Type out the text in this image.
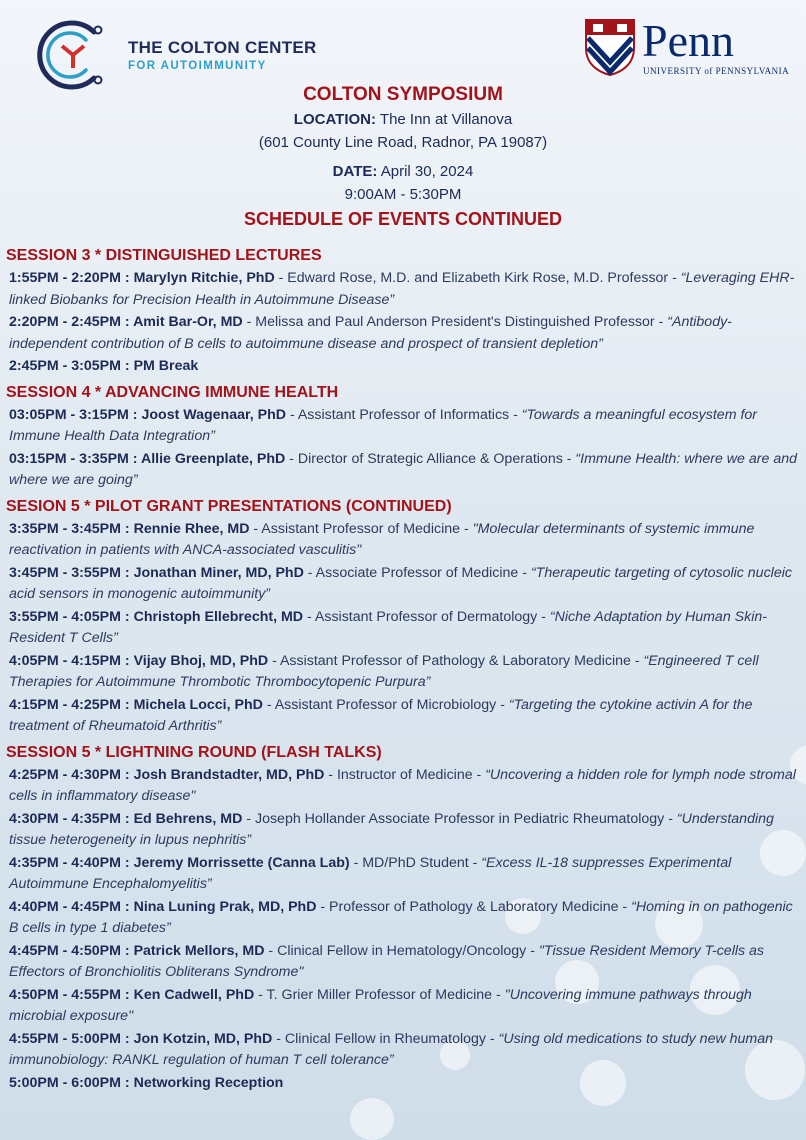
THE COLTON CENTER
FOR AUTOIMMUNITY	Penn
UNIVERSITY of PENNSYLVANIA
COLTON SYMPOSIUM
LOCATION: The Inn at Villanova
(601 County Line Road, Radnor, PA 19087)
DATE: April 30, 2024
9:00AM - 5:30PM
SCHEDULE OF EVENTS CONTINUED
SESSION 3 * DISTINGUISHED LECTURES
1:55PM - 2:20PM : Marylyn Ritchie, PhD - Edward Rose, M.D. and Elizabeth Kirk Rose, M.D. Professor - “Leveraging EHR-linked Biobanks for Precision Health in Autoimmune Disease”
2:20PM - 2:45PM : Amit Bar-Or, MD - Melissa and Paul Anderson President's Distinguished Professor - “Antibody-independent contribution of B cells to autoimmune disease and prospect of transient depletion”
2:45PM - 3:05PM : PM Break
SESSION 4 * ADVANCING IMMUNE HEALTH
03:05PM - 3:15PM : Joost Wagenaar, PhD - Assistant Professor of Informatics - “Towards a meaningful ecosystem for Immune Health Data Integration”
03:15PM - 3:35PM : Allie Greenplate, PhD - Director of Strategic Alliance & Operations - “Immune Health: where we are and where we are going”
SESION 5 * PILOT GRANT PRESENTATIONS (CONTINUED)
3:35PM - 3:45PM : Rennie Rhee, MD - Assistant Professor of Medicine - "Molecular determinants of systemic immune reactivation in patients with ANCA-associated vasculitis"
3:45PM - 3:55PM : Jonathan Miner, MD, PhD - Associate Professor of Medicine - “Therapeutic targeting of cytosolic nucleic acid sensors in monogenic autoimmunity”
3:55PM - 4:05PM : Christoph Ellebrecht, MD - Assistant Professor of Dermatology - “Niche Adaptation by Human Skin-Resident T Cells”
4:05PM - 4:15PM : Vijay Bhoj, MD, PhD - Assistant Professor of Pathology & Laboratory Medicine - “Engineered T cell Therapies for Autoimmune Thrombotic Thrombocytopenic Purpura”
4:15PM - 4:25PM : Michela Locci, PhD - Assistant Professor of Microbiology - “Targeting the cytokine activin A for the treatment of Rheumatoid Arthritis”
SESSION 5 * LIGHTNING ROUND (FLASH TALKS)
4:25PM - 4:30PM : Josh Brandstadter, MD, PhD - Instructor of Medicine - “Uncovering a hidden role for lymph node stromal cells in inflammatory disease"
4:30PM - 4:35PM : Ed Behrens, MD - Joseph Hollander Associate Professor in Pediatric Rheumatology - “Understanding tissue heterogeneity in lupus nephritis”
4:35PM - 4:40PM : Jeremy Morrissette (Canna Lab) - MD/PhD Student - “Excess IL-18 suppresses Experimental Autoimmune Encephalomyelitis”
4:40PM - 4:45PM : Nina Luning Prak, MD, PhD - Professor of Pathology & Laboratory Medicine - “Homing in on pathogenic B cells in type 1 diabetes”
4:45PM - 4:50PM : Patrick Mellors, MD - Clinical Fellow in Hematology/Oncology - "Tissue Resident Memory T-cells as Effectors of Bronchiolitis Obliterans Syndrome"
4:50PM - 4:55PM : Ken Cadwell, PhD - T. Grier Miller Professor of Medicine - "Uncovering immune pathways through microbial exposure"
4:55PM - 5:00PM : Jon Kotzin, MD, PhD - Clinical Fellow in Rheumatology - “Using old medications to study new human immunobiology: RANKL regulation of human T cell tolerance”
5:00PM - 6:00PM : Networking Reception
